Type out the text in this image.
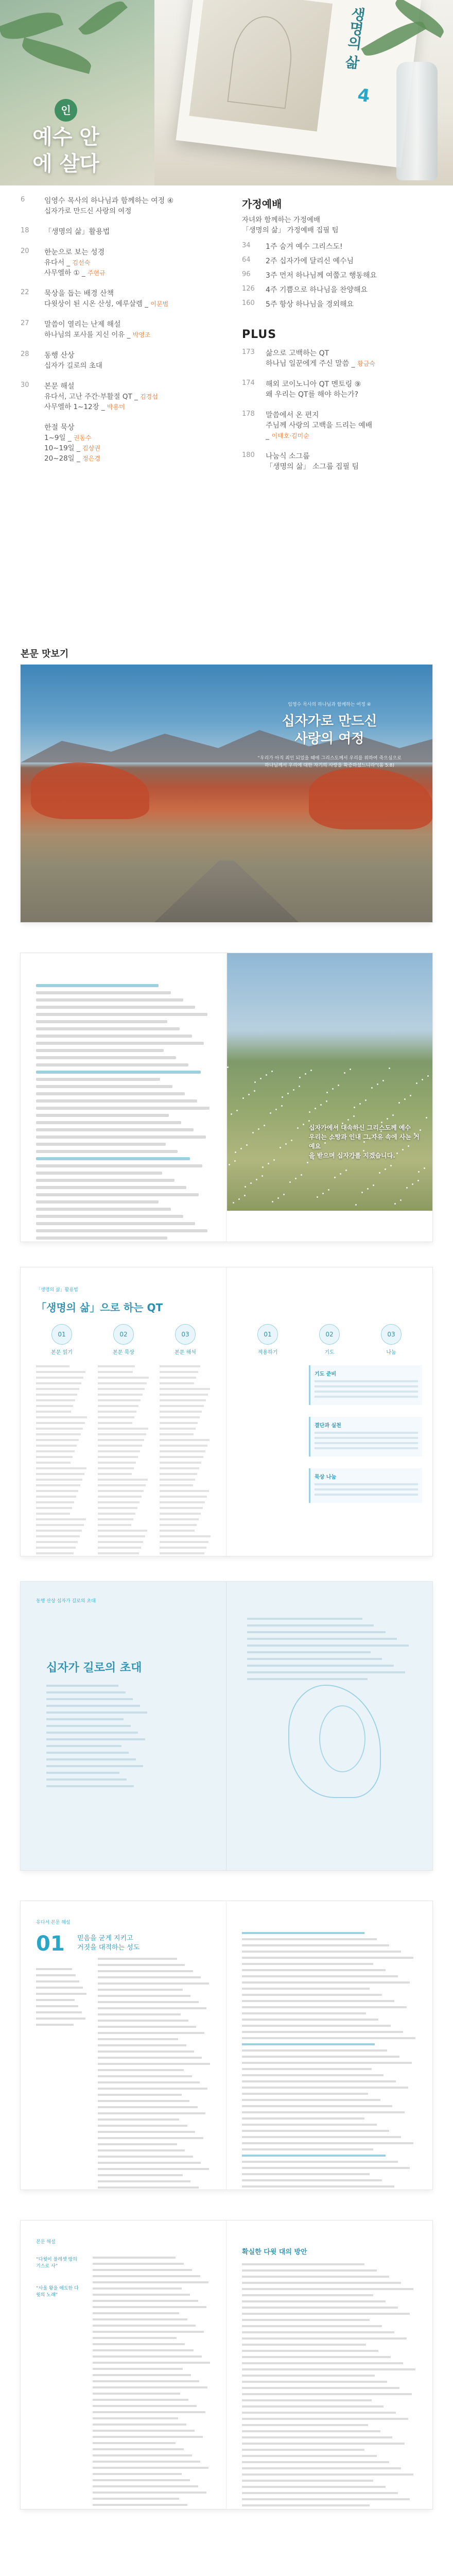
생명의 삶
4
인
예수 안에 살다
6	임영수 목사의 하나님과 함께하는 여정 ④
십자가로 만드신 사랑의 여정
18	「생명의 삶」활용법
20	한눈으로 보는 성경
유다서 _ 김선숙
사무엘하 ① _ 주현규
22	묵상을 돕는 배경 산책
다윗상이 된 시온 산성, 예루살렘 _ 이문범
27	말씀이 열리는 난제 해설
하나님의 포사를 지신 이유 _ 박영조
28	동행 산상
십자가 길로의 초대
30	본문 해설
유다서, 고난 주간·부활절 QT _ 김경섭
사무엘하 1~12장 _ 박용미
한절 묵상
1~9일 _ 권동수
10~19일 _ 김상권
20~28일 _ 정은경
가정예배
자녀와 함께하는 가정예배
「생명의 삶」 가정예배 집필 팀
34 1주 숨겨 예수 그리스도!
64 2주 십자가에 달리신 예수님
96 3주 먼저 하나님께 여쭙고 행동해요
126 4주 기쁨으로 하나님을 찬양해요
160 5주 항상 하나님을 경외해요
PLUS
173 삶으로 고백하는 QT
하나님 일꾼에게 주신 말씀 _ 황금숙
174 해외 코이노니아 QT 멘토링 ⑨
왜 우리는 QT를 해야 하는가?
178 말씀에서 온 편지
주님께 사랑의 고백을 드리는 예배
_ 이태호·김미순
180 나눔식 소그룹
「생명의 삶」 소그룹 집필 팀
본문 맛보기
임영수 목사의 하나님과 함께하는 여정 ④
십자가로 만드신
사랑의 여정
“우리가 아직 죄인 되었을 때에 그리스도께서 우리를 위하여 죽으심으로
하나님께서 우리에 대한 자기의 사랑을 확증하셨느니라”(롬 5:8)
십자가에서 대속하신 그리스도께 예수
우리는 소망과 인내 그 자유 속에 사는 거예요
을 받으며 십자가를 지겠습니다.
「생명의 삶」활용법
「생명의 삶」으로 하는 QT
01
본문 읽기
02
본문 묵상
03
본문 해석
01
적용하기
02
기도
03
나눔
기도 준비
결단과 실천
묵상 나눔
동행 산상 십자가 길로의 초대
십자가 길로의 초대
유다서 본문 해설
01 믿음을 굳게 지키고
거짓을 대적하는 성도
본문 해설
“다윗이 블레셋 땅의 기스로 사”
“사울 왕을 애도한 다윗의 노래”
확실한 다윗 대의 방안
